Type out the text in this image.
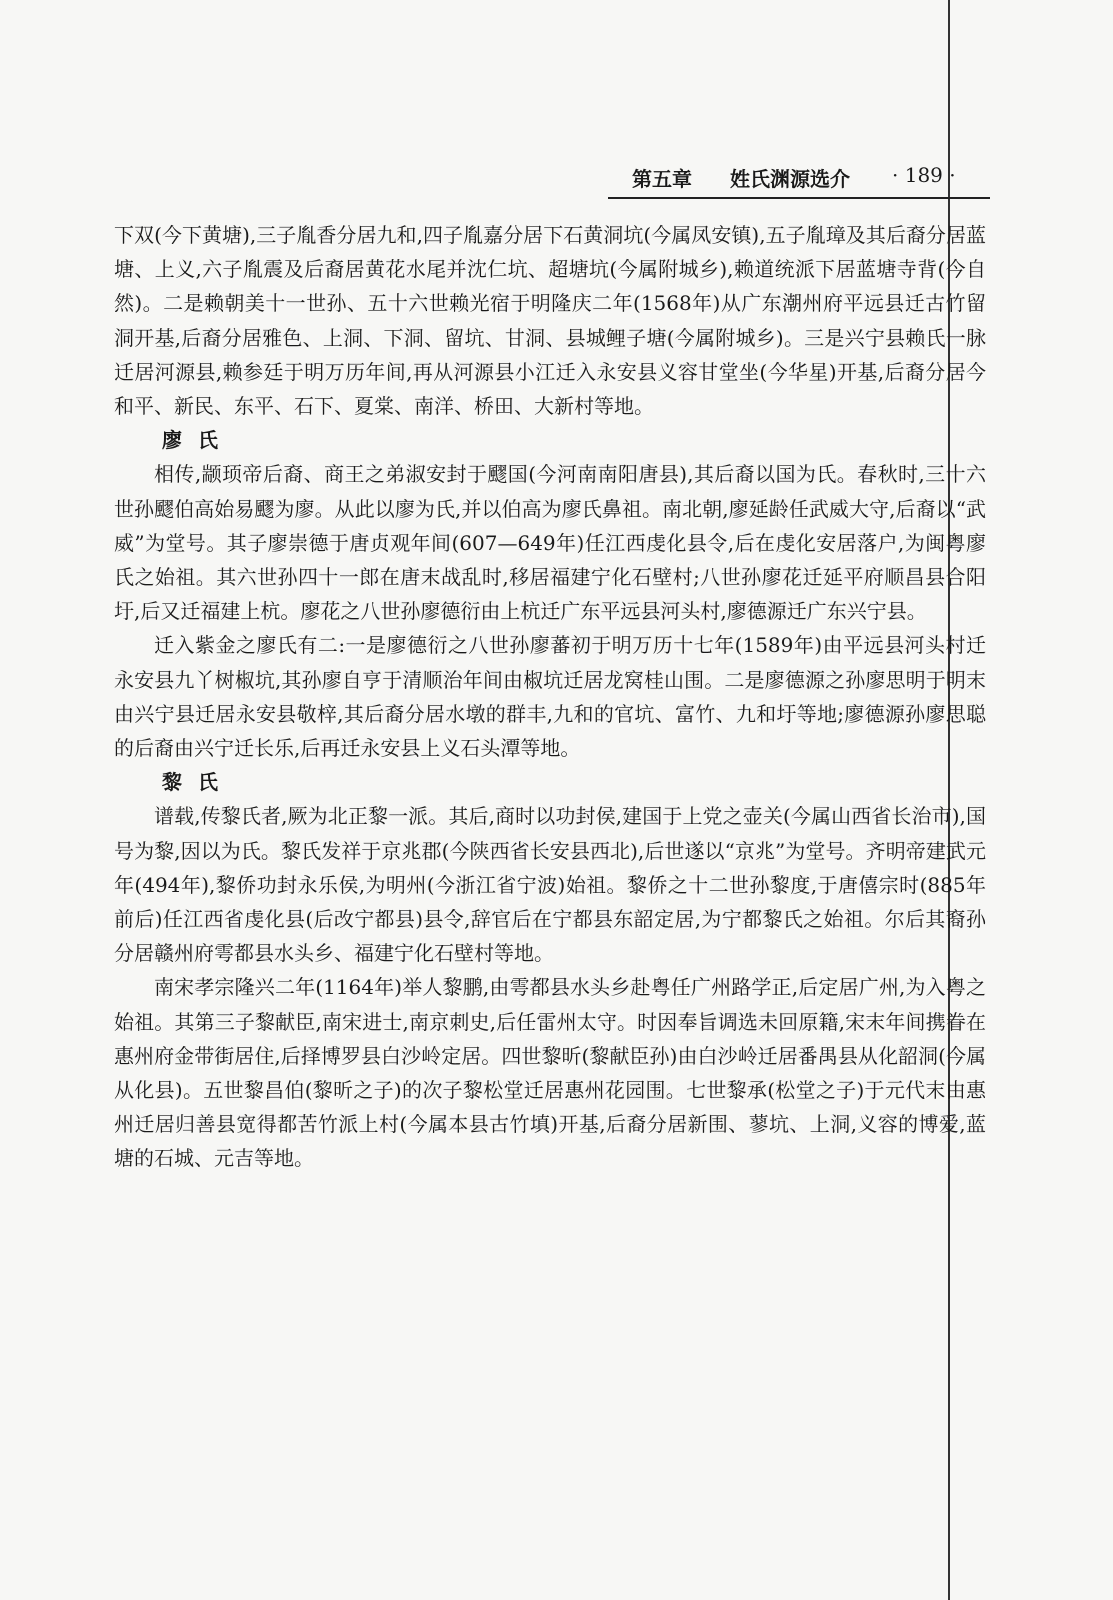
第五章 姓氏渊源选介 · 189 ·

下双(今下黄塘),三子胤香分居九和,四子胤嘉分居下石黄洞坑(今属凤安镇),五子胤璋及其后裔分居蓝塘、上义,六子胤震及后裔居黄花水尾并沈仁坑、超塘坑(今属附城乡),赖道统派下居蓝塘寺背(今自然)。二是赖朝美十一世孙、五十六世赖光宿于明隆庆二年(1568年)从广东潮州府平远县迁古竹留洞开基,后裔分居雅色、上洞、下洞、留坑、甘洞、县城鲤子塘(今属附城乡)。三是兴宁县赖氏一脉迁居河源县,赖参廷于明万历年间,再从河源县小江迁入永安县义容甘堂坐(今华星)开基,后裔分居今和平、新民、东平、石下、夏棠、南洋、桥田、大新村等地。

廖氏

相传,颛顼帝后裔、商王之弟淑安封于飂国(今河南南阳唐县),其后裔以国为氏。春秋时,三十六世孙飂伯高始易飂为廖。从此以廖为氏,并以伯高为廖氏鼻祖。南北朝,廖延龄任武威大守,后裔以“武威”为堂号。其子廖崇德于唐贞观年间(607—649年)任江西虔化县令,后在虔化安居落户,为闽粤廖氏之始祖。其六世孙四十一郎在唐末战乱时,移居福建宁化石壁村;八世孙廖花迁延平府顺昌县合阳圩,后又迁福建上杭。廖花之八世孙廖德衍由上杭迁广东平远县河头村,廖德源迁广东兴宁县。

迁入紫金之廖氏有二:一是廖德衍之八世孙廖蕃初于明万历十七年(1589年)由平远县河头村迁永安县九丫树椒坑,其孙廖自亨于清顺治年间由椒坑迁居龙窝桂山围。二是廖德源之孙廖思明于明末由兴宁县迁居永安县敬梓,其后裔分居水墩的群丰,九和的官坑、富竹、九和圩等地;廖德源孙廖思聪的后裔由兴宁迁长乐,后再迁永安县上义石头潭等地。

黎氏

谱载,传黎氏者,厥为北正黎一派。其后,商时以功封侯,建国于上党之壶关(今属山西省长治市),国号为黎,因以为氏。黎氏发祥于京兆郡(今陕西省长安县西北),后世遂以“京兆”为堂号。齐明帝建武元年(494年),黎侨功封永乐侯,为明州(今浙江省宁波)始祖。黎侨之十二世孙黎度,于唐僖宗时(885年前后)任江西省虔化县(后改宁都县)县令,辞官后在宁都县东韶定居,为宁都黎氏之始祖。尔后其裔孙分居赣州府雩都县水头乡、福建宁化石壁村等地。

南宋孝宗隆兴二年(1164年)举人黎鹏,由雩都县水头乡赴粤任广州路学正,后定居广州,为入粤之始祖。其第三子黎献臣,南宋进士,南京刺史,后任雷州太守。时因奉旨调选未回原籍,宋末年间携眷在惠州府金带街居住,后择博罗县白沙岭定居。四世黎昕(黎献臣孙)由白沙岭迁居番禺县从化韶洞(今属从化县)。五世黎昌伯(黎昕之子)的次子黎松堂迁居惠州花园围。七世黎承(松堂之子)于元代末由惠州迁居归善县宽得都苦竹派上村(今属本县古竹填)开基,后裔分居新围、蓼坑、上洞,义容的博爱,蓝塘的石城、元吉等地。
